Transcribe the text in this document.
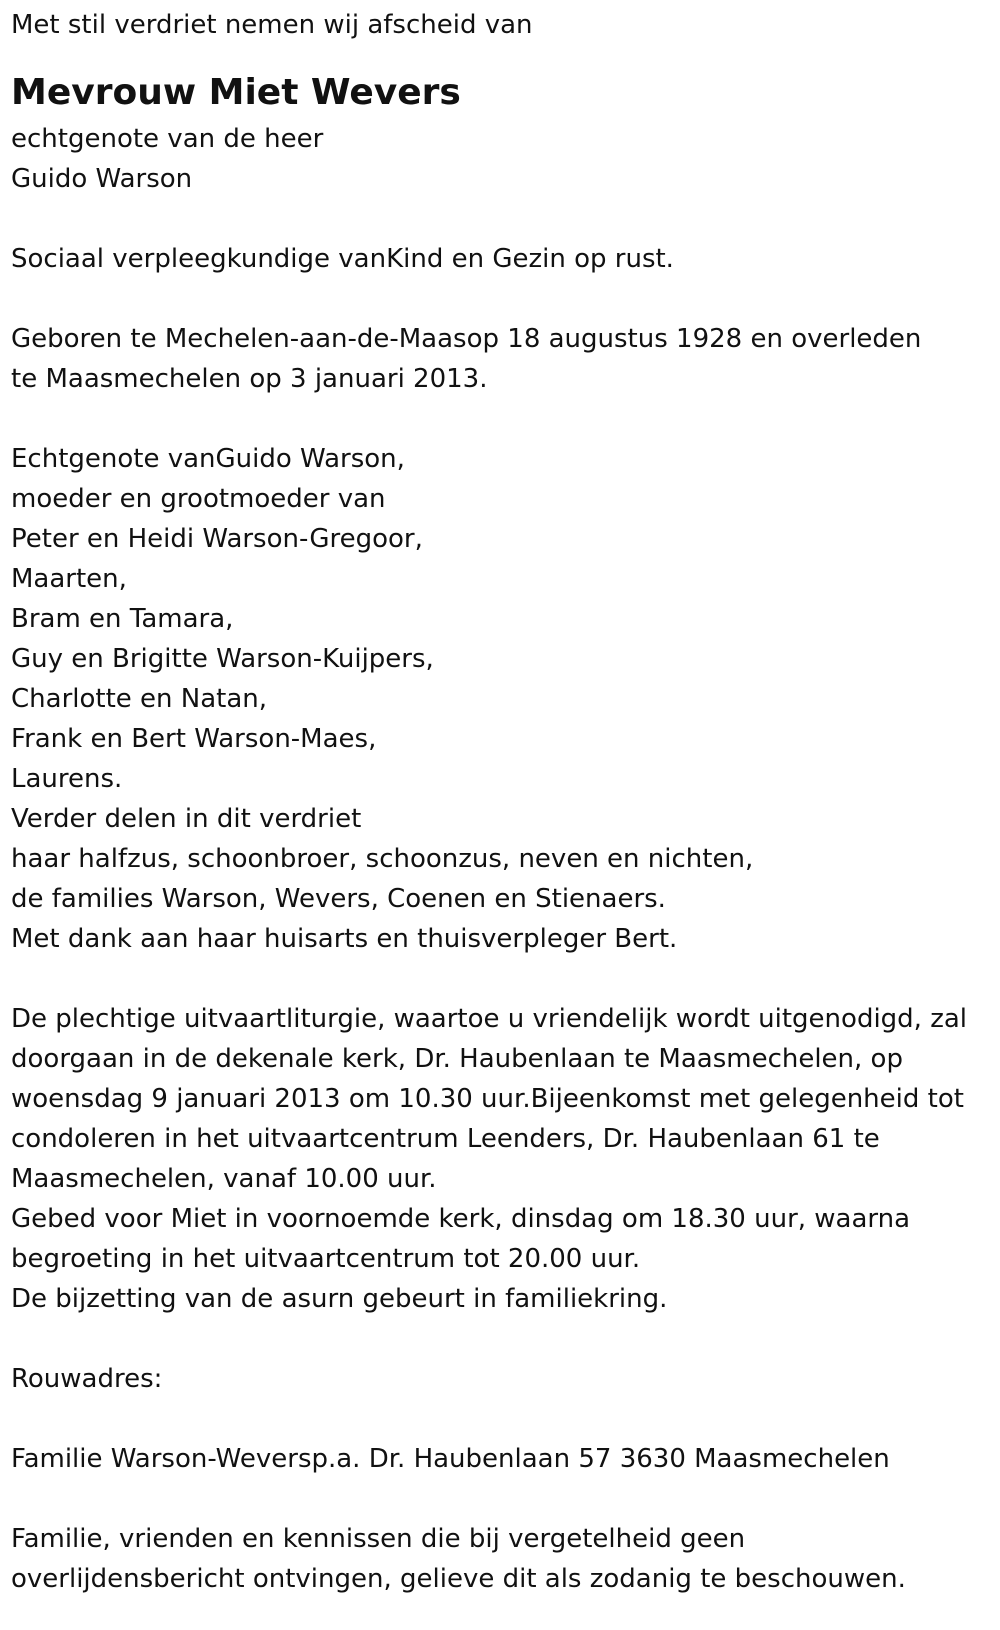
Met stil verdriet nemen wij afscheid van
Mevrouw Miet Wevers
echtgenote van de heer
Guido Warson
Sociaal verpleegkundige vanKind en Gezin op rust.
Geboren te Mechelen-aan-de-Maasop 18 augustus 1928 en overleden
te Maasmechelen op 3 januari 2013.
Echtgenote vanGuido Warson,
moeder en grootmoeder van
Peter en Heidi Warson-Gregoor,
Maarten,
Bram en Tamara,
Guy en Brigitte Warson-Kuijpers,
Charlotte en Natan,
Frank en Bert Warson-Maes,
Laurens.
Verder delen in dit verdriet
haar halfzus, schoonbroer, schoonzus, neven en nichten,
de families Warson, Wevers, Coenen en Stienaers.
Met dank aan haar huisarts en thuisverpleger Bert.
De plechtige uitvaartliturgie, waartoe u vriendelijk wordt uitgenodigd, zal
doorgaan in de dekenale kerk, Dr. Haubenlaan te Maasmechelen, op
woensdag 9 januari 2013 om 10.30 uur.Bijeenkomst met gelegenheid tot
condoleren in het uitvaartcentrum Leenders, Dr. Haubenlaan 61 te
Maasmechelen, vanaf 10.00 uur.
Gebed voor Miet in voornoemde kerk, dinsdag om 18.30 uur, waarna
begroeting in het uitvaartcentrum tot 20.00 uur.
De bijzetting van de asurn gebeurt in familiekring.
Rouwadres:
Familie Warson-Weversp.a. Dr. Haubenlaan 57 3630 Maasmechelen
Familie, vrienden en kennissen die bij vergetelheid geen
overlijdensbericht ontvingen, gelieve dit als zodanig te beschouwen.
